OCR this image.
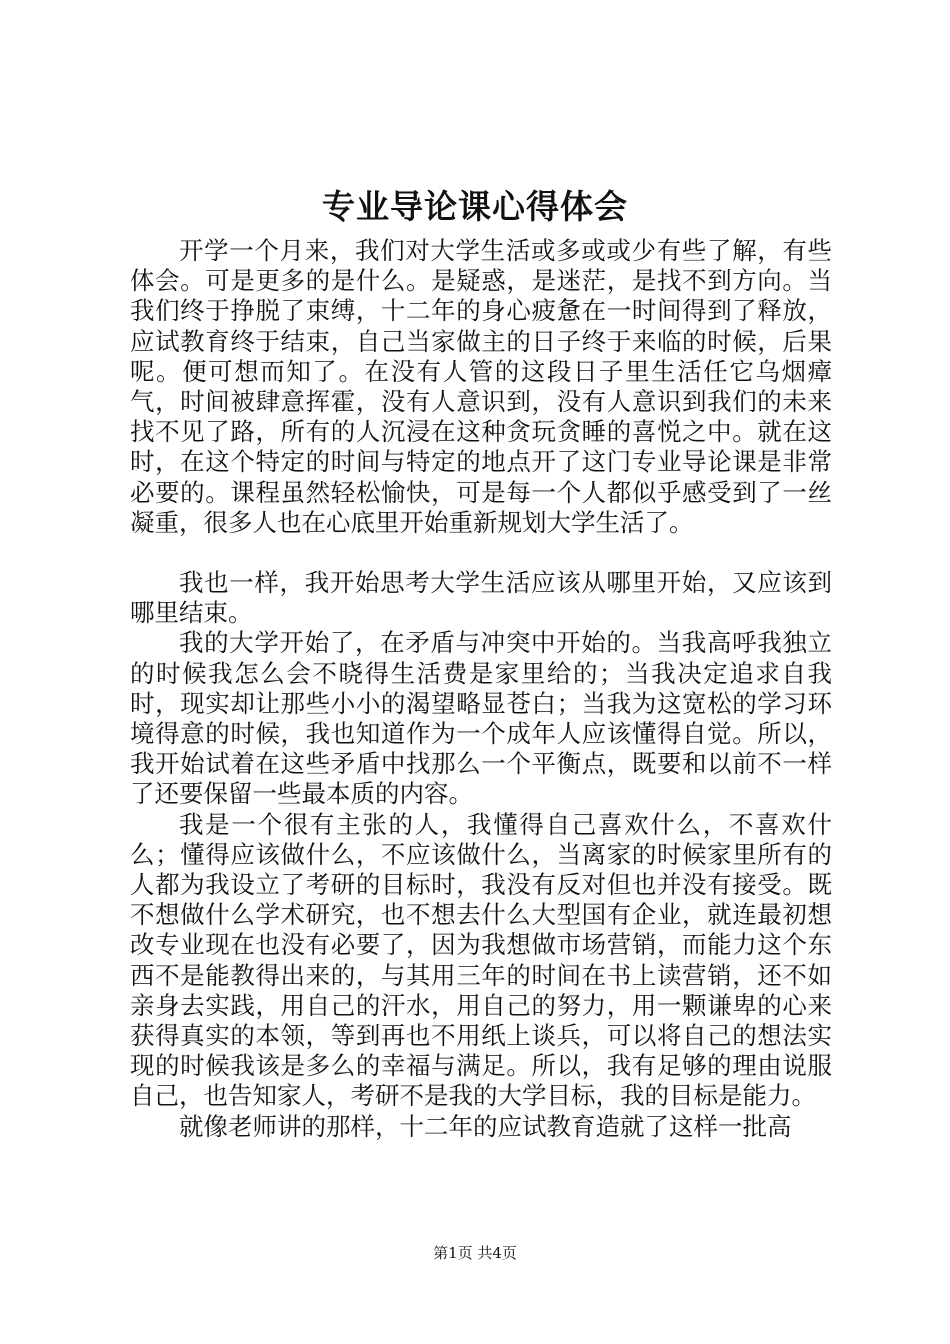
专业导论课心得体会

开学一个月来，我们对大学生活或多或或少有些了解，有些体会。可是更多的是什么。是疑惑，是迷茫，是找不到方向。当我们终于挣脱了束缚，十二年的身心疲惫在一时间得到了释放，应试教育终于结束，自己当家做主的日子终于来临的时候，后果呢。便可想而知了。在没有人管的这段日子里生活任它乌烟瘴气，时间被肆意挥霍，没有人意识到，没有人意识到我们的未来找不见了路，所有的人沉浸在这种贪玩贪睡的喜悦之中。就在这时，在这个特定的时间与特定的地点开了这门专业导论课是非常必要的。课程虽然轻松愉快，可是每一个人都似乎感受到了一丝凝重，很多人也在心底里开始重新规划大学生活了。

我也一样，我开始思考大学生活应该从哪里开始，又应该到哪里结束。

我的大学开始了，在矛盾与冲突中开始的。当我高呼我独立的时候我怎么会不晓得生活费是家里给的；当我决定追求自我时，现实却让那些小小的渴望略显苍白；当我为这宽松的学习环境得意的时候，我也知道作为一个成年人应该懂得自觉。所以，我开始试着在这些矛盾中找那么一个平衡点，既要和以前不一样了还要保留一些最本质的内容。

我是一个很有主张的人，我懂得自己喜欢什么，不喜欢什么；懂得应该做什么，不应该做什么，当离家的时候家里所有的人都为我设立了考研的目标时，我没有反对但也并没有接受。既不想做什么学术研究，也不想去什么大型国有企业，就连最初想改专业现在也没有必要了，因为我想做市场营销，而能力这个东西不是能教得出来的，与其用三年的时间在书上读营销，还不如亲身去实践，用自己的汗水，用自己的努力，用一颗谦卑的心来获得真实的本领，等到再也不用纸上谈兵，可以将自己的想法实现的时候我该是多么的幸福与满足。所以，我有足够的理由说服自己，也告知家人，考研不是我的大学目标，我的目标是能力。

就像老师讲的那样，十二年的应试教育造就了这样一批高

第1页 共4页
